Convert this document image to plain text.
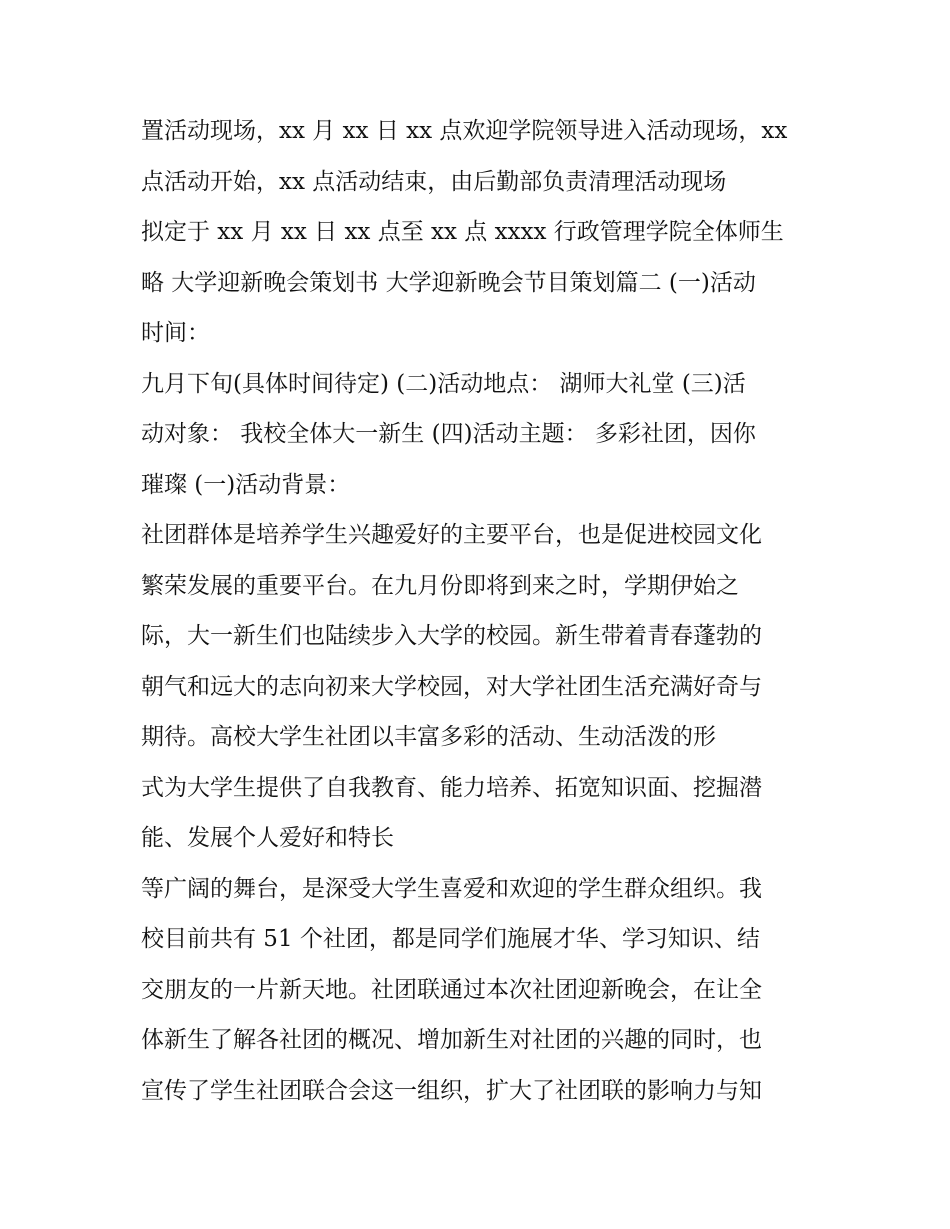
置活动现场，xx 月 xx 日 xx 点欢迎学院领导进入活动现场，xx
点活动开始，xx 点活动结束，由后勤部负责清理活动现场
拟定于 xx 月 xx 日 xx 点至 xx 点 xxxx 行政管理学院全体师生
略 大学迎新晚会策划书 大学迎新晚会节目策划篇二 (一)活动
时间：
九月下旬(具体时间待定) (二)活动地点： 湖师大礼堂 (三)活
动对象： 我校全体大一新生 (四)活动主题： 多彩社团，因你
璀璨 (一)活动背景：
社团群体是培养学生兴趣爱好的主要平台，也是促进校园文化
繁荣发展的重要平台。在九月份即将到来之时，学期伊始之
际，大一新生们也陆续步入大学的校园。新生带着青春蓬勃的
朝气和远大的志向初来大学校园，对大学社团生活充满好奇与
期待。高校大学生社团以丰富多彩的活动、生动活泼的形
式为大学生提供了自我教育、能力培养、拓宽知识面、挖掘潜
能、发展个人爱好和特长
等广阔的舞台，是深受大学生喜爱和欢迎的学生群众组织。我
校目前共有 51 个社团，都是同学们施展才华、学习知识、结
交朋友的一片新天地。社团联通过本次社团迎新晚会，在让全
体新生了解各社团的概况、增加新生对社团的兴趣的同时，也
宣传了学生社团联合会这一组织，扩大了社团联的影响力与知
